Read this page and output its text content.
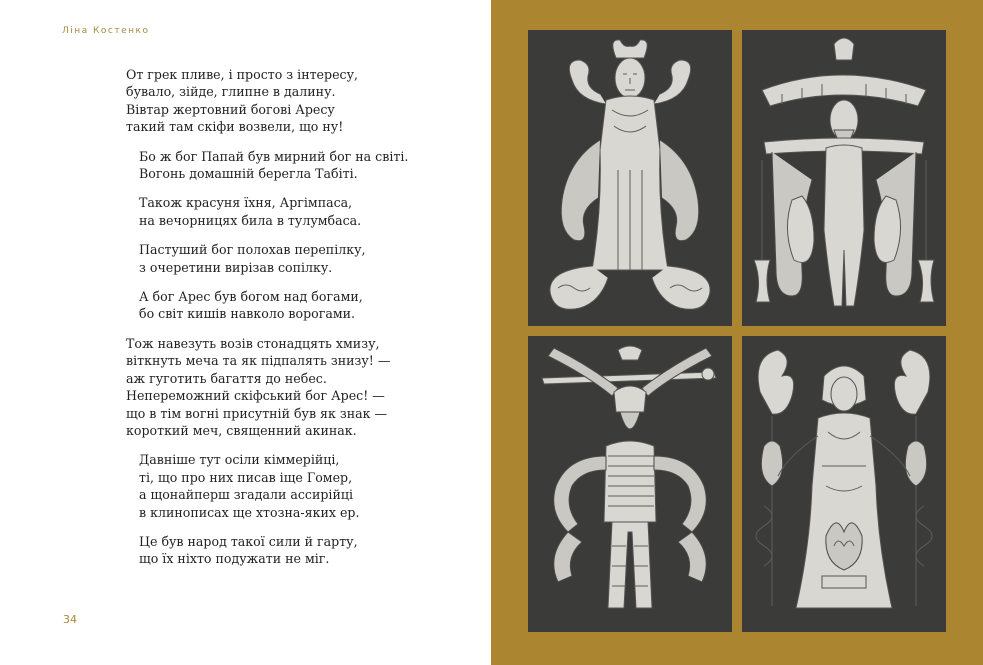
Ліна Костенко
От грек пливе, і просто з інтересу,
бувало, зійде, глипне в далину.
Вівтар жертовний богові Аресу
такий там скіфи возвели, що ну!
Бо ж бог Папай був мирний бог на світі.
Вогонь домашній берегла Табіті.
Також красуня їхня, Аргімпаса,
на вечорницях била в тулумбаса.
Пастуший бог полохав перепілку,
з очеретини вирізав сопілку.
А бог Арес був богом над богами,
бо світ кишів навколо ворогами.
Тож навезуть возів стонадцять хмизу,
віткнуть меча та як підпалять знизу! —
аж гуготить багаття до небес.
Непереможний скіфський бог Арес! —
що в тім вогні присутній був як знак —
короткий меч, священний акинак.
Давніше тут осіли кіммерійці,
ті, що про них писав іще Гомер,
а щонайперш згадали ассирійці
в клинописах ще хтозна-яких ер.
Це був народ такої сили й гарту,
що їх ніхто подужати не міг.
34
